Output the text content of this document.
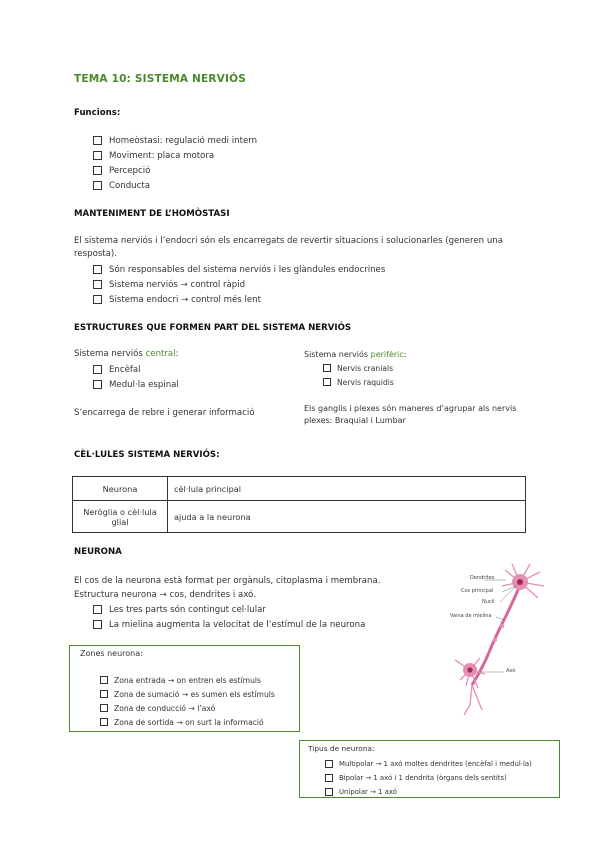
TEMA 10: SISTEMA NERVIÓS
Funcions:
Homeòstasi: regulació medi intern
Moviment: placa motora
Percepció
Conducta
MANTENIMENT DE L’HOMÒSTASI
El sistema nerviós i l’endocri són els encarregats de revertir situacions i solucionarles (generen una resposta).
Són responsables del sistema nerviós i les glàndules endocrines
Sistema nerviós → control ràpid
Sistema endocri → control més lent
ESTRUCTURES QUE FORMEN PART DEL SISTEMA NERVIÓS
Sistema nerviós central:
Encèfal
Medul·la espinal
S’encarrega de rebre i generar informació
Sistema nerviós perifèric:
Nervis cranials
Nervis raquidis
Els ganglis i plexes són maneres d’agrupar als nervis plexes: Braquial i Lumbar
CÈL·LULES SISTEMA NERVIÓS:
Neurona	cèl·lula principal
Neròglia o cèl·lula glial	ajuda a la neurona
NEURONA
El cos de la neurona està format per orgànuls, citoplasma i membrana.
Estructura neurona → cos, dendrites i axó.
Les tres parts són contingut cel·lular
La mielina augmenta la velocitat de l’estímul de la neurona
Dendrites
Cos principal
Nucli
Vaina de mielina
Axó
Zones neurona:
Zona entrada → on entren els estímuls
Zona de sumació → es sumen els estímuls
Zona de conducció → l’axó
Zona de sortida → on surt la informació
Tipus de neurona:
Multipolar → 1 axó moltes dendrites (encèfal i medul·la)
Bipolar → 1 axó i 1 dendrita (òrgans dels sentits)
Unipolar → 1 axó
